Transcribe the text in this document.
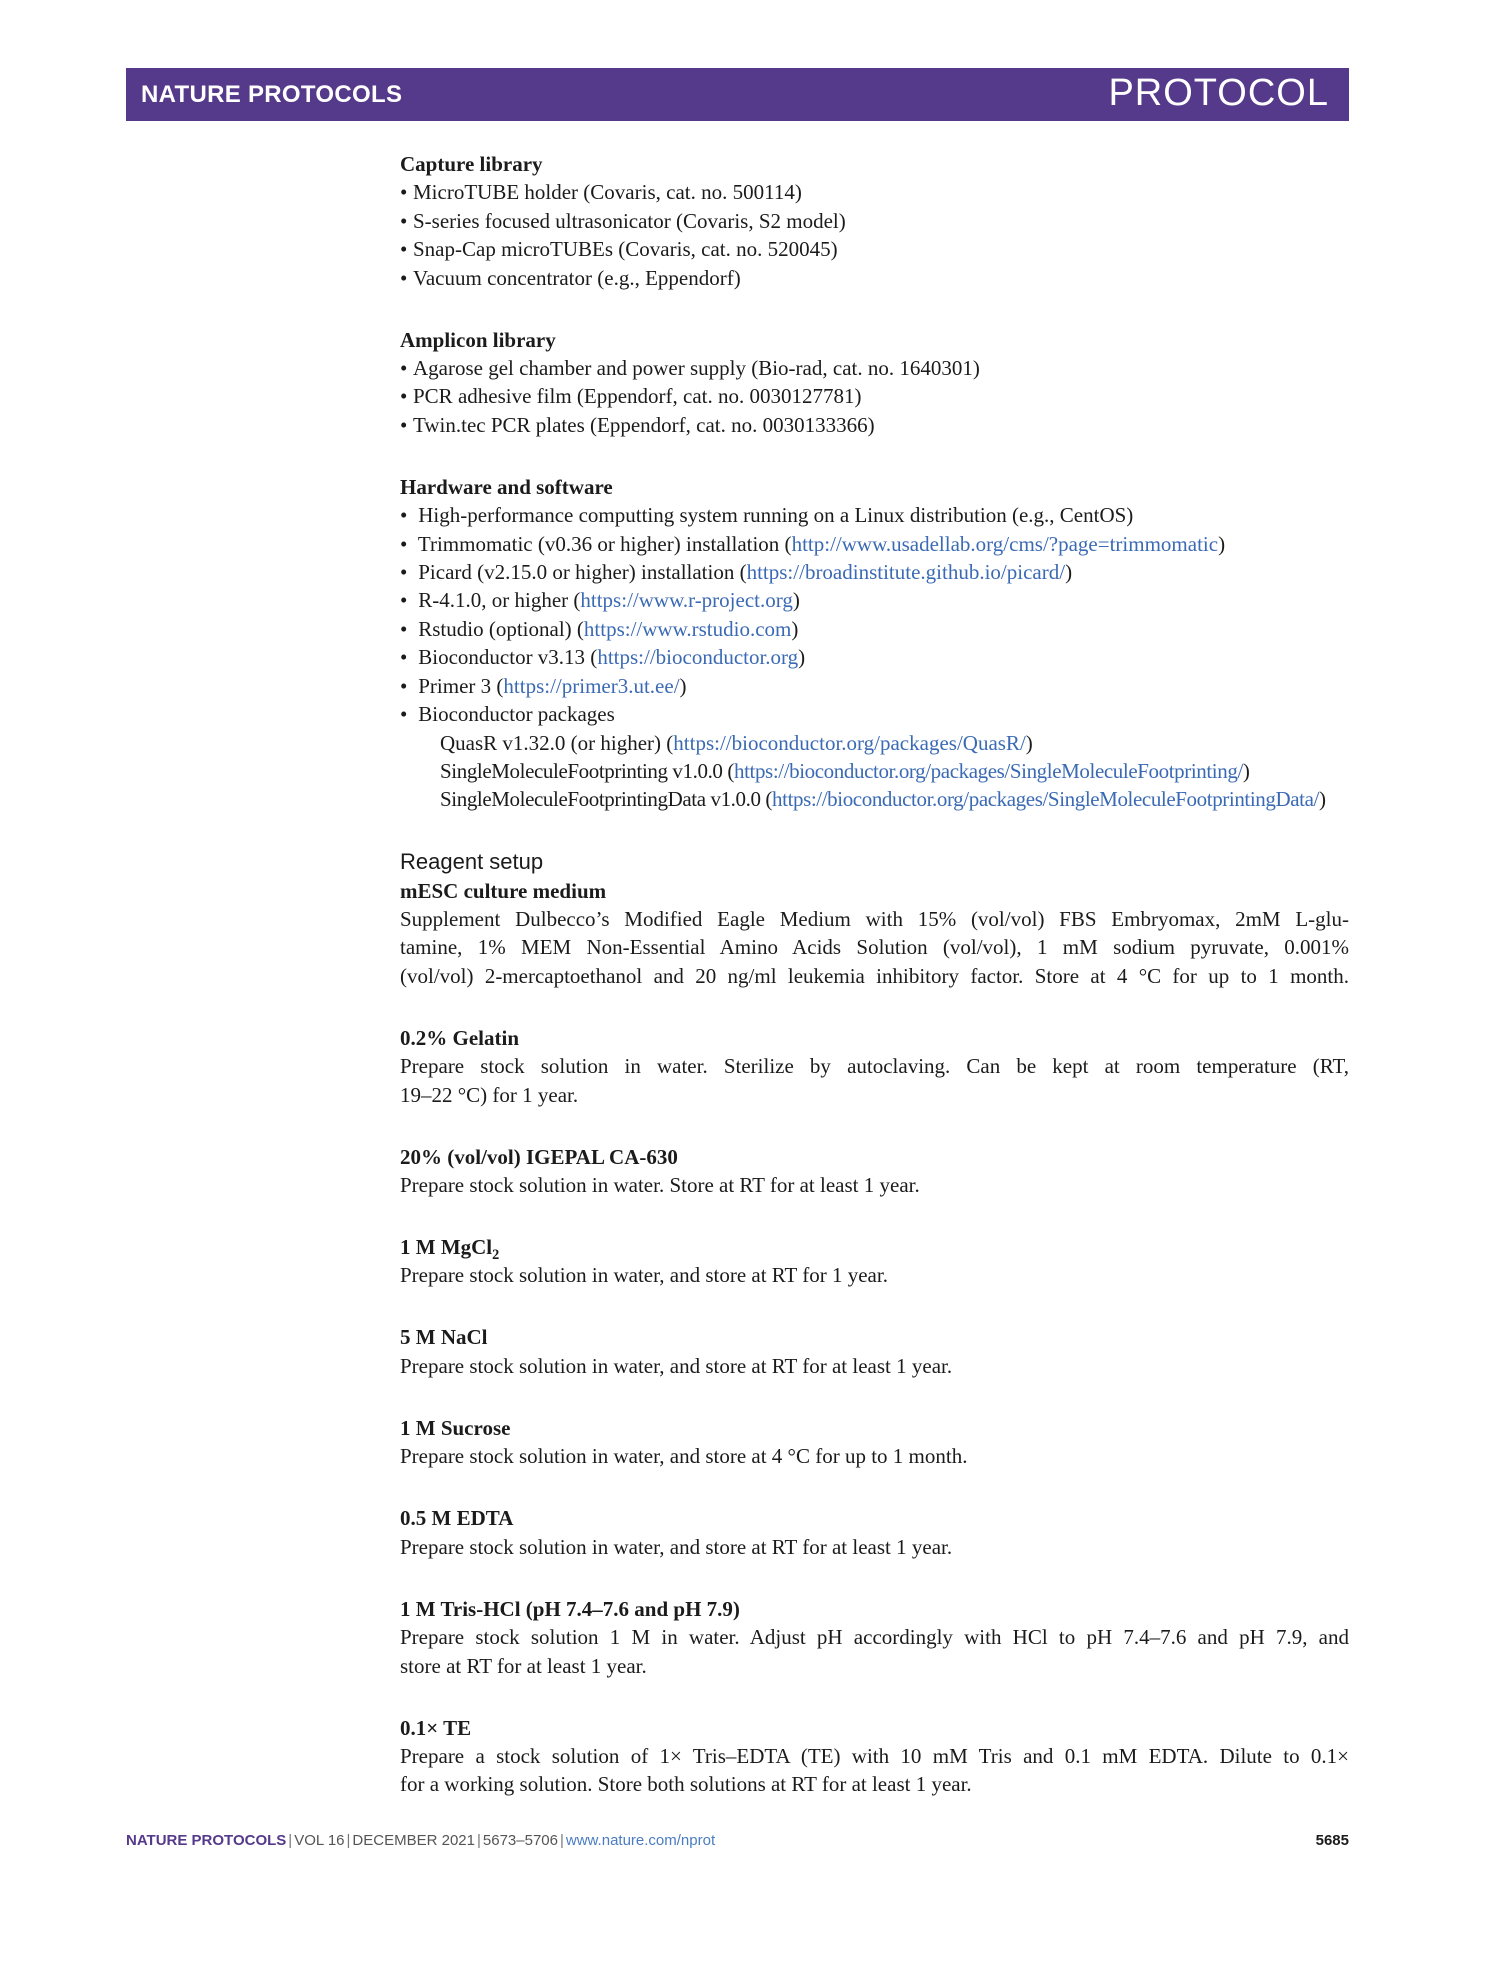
NATURE PROTOCOLS	PROTOCOL
Capture library
• MicroTUBE holder (Covaris, cat. no. 500114)
• S-series focused ultrasonicator (Covaris, S2 model)
• Snap-Cap microTUBEs (Covaris, cat. no. 520045)
• Vacuum concentrator (e.g., Eppendorf)
Amplicon library
• Agarose gel chamber and power supply (Bio-rad, cat. no. 1640301)
• PCR adhesive film (Eppendorf, cat. no. 0030127781)
• Twin.tec PCR plates (Eppendorf, cat. no. 0030133366)
Hardware and software
• High-performance computting system running on a Linux distribution (e.g., CentOS)
• Trimmomatic (v0.36 or higher) installation (http://www.usadellab.org/cms/?page=trimmomatic)
• Picard (v2.15.0 or higher) installation (https://broadinstitute.github.io/picard/)
• R-4.1.0, or higher (https://www.r-project.org)
• Rstudio (optional) (https://www.rstudio.com)
• Bioconductor v3.13 (https://bioconductor.org)
• Primer 3 (https://primer3.ut.ee/)
• Bioconductor packages
QuasR v1.32.0 (or higher) (https://bioconductor.org/packages/QuasR/)
SingleMoleculeFootprinting v1.0.0 (https://bioconductor.org/packages/SingleMoleculeFootprinting/)
SingleMoleculeFootprintingData v1.0.0 (https://bioconductor.org/packages/SingleMoleculeFootprintingData/)
Reagent setup
mESC culture medium
Supplement Dulbecco’s Modified Eagle Medium with 15% (vol/vol) FBS Embryomax, 2mM L-glu-
tamine, 1% MEM Non-Essential Amino Acids Solution (vol/vol), 1 mM sodium pyruvate, 0.001%
(vol/vol) 2-mercaptoethanol and 20 ng/ml leukemia inhibitory factor. Store at 4 °C for up to 1 month.
0.2% Gelatin
Prepare stock solution in water. Sterilize by autoclaving. Can be kept at room temperature (RT,
19–22 °C) for 1 year.
20% (vol/vol) IGEPAL CA-630
Prepare stock solution in water. Store at RT for at least 1 year.
1 M MgCl$_2$
Prepare stock solution in water, and store at RT for 1 year.
5 M NaCl
Prepare stock solution in water, and store at RT for at least 1 year.
1 M Sucrose
Prepare stock solution in water, and store at 4 °C for up to 1 month.
0.5 M EDTA
Prepare stock solution in water, and store at RT for at least 1 year.
1 M Tris-HCl (pH 7.4–7.6 and pH 7.9)
Prepare stock solution 1 M in water. Adjust pH accordingly with HCl to pH 7.4–7.6 and pH 7.9, and
store at RT for at least 1 year.
0.1× TE
Prepare a stock solution of 1× Tris–EDTA (TE) with 10 mM Tris and 0.1 mM EDTA. Dilute to 0.1×
for a working solution. Store both solutions at RT for at least 1 year.
NATURE PROTOCOLS | VOL 16 | DECEMBER 2021 | 5673–5706 | www.nature.com/nprot	5685
